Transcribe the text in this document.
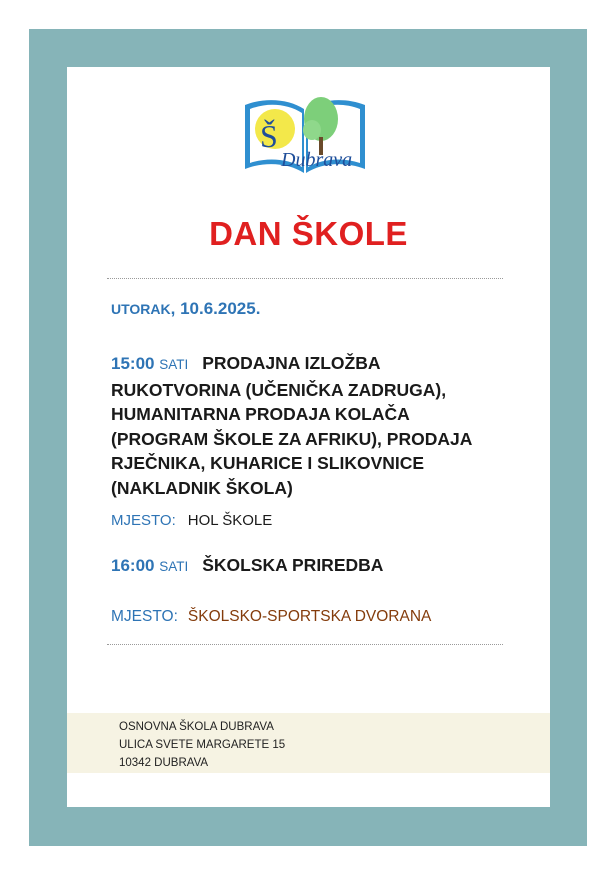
Š
Dubrava
DAN ŠKOLE
UTORAK, 10.6.2025.
15:00 SATI PRODAJNA IZLOŽBA
RUKOTVORINA (UČENIČKA ZADRUGA),
HUMANITARNA PRODAJA KOLAČA
(PROGRAM ŠKOLE ZA AFRIKU), PRODAJA
RJEČNIKA, KUHARICE I SLIKOVNICE
(NAKLADNIK ŠKOLA)
MJESTO: HOL ŠKOLE
16:00 SATI ŠKOLSKA PRIREDBA
MJESTO: ŠKOLSKO-SPORTSKA DVORANA
OSNOVNA ŠKOLA DUBRAVA
ULICA SVETE MARGARETE 15
10342 DUBRAVA
